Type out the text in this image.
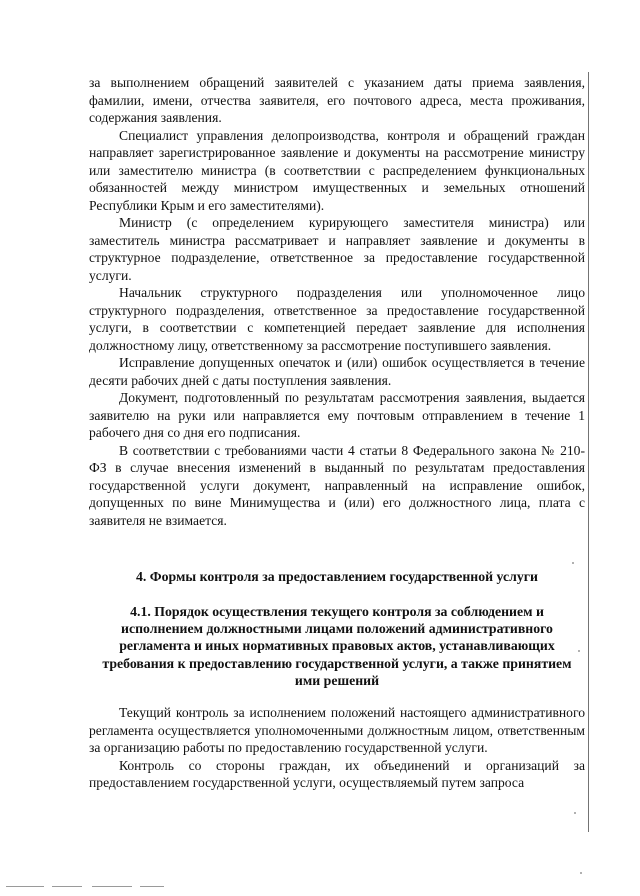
за выполнением обращений заявителей с указанием даты приема заявления, фамилии, имени, отчества заявителя, его почтового адреса, места проживания, содержания заявления.

Специалист управления делопроизводства, контроля и обращений граждан направляет зарегистрированное заявление и документы на рассмотрение министру или заместителю министра (в соответствии с распределением функциональных обязанностей между министром имущественных и земельных отношений Республики Крым и его заместителями).

Министр (с определением курирующего заместителя министра) или заместитель министра рассматривает и направляет заявление и документы в структурное подразделение, ответственное за предоставление государственной услуги.

Начальник структурного подразделения или уполномоченное лицо структурного подразделения, ответственное за предоставление государственной услуги, в соответствии с компетенцией передает заявление для исполнения должностному лицу, ответственному за рассмотрение поступившего заявления.

Исправление допущенных опечаток и (или) ошибок осуществляется в течение десяти рабочих дней с даты поступления заявления.

Документ, подготовленный по результатам рассмотрения заявления, выдается заявителю на руки или направляется ему почтовым отправлением в течение 1 рабочего дня со дня его подписания.

В соответствии с требованиями части 4 статьи 8 Федерального закона № 210-ФЗ в случае внесения изменений в выданный по результатам предоставления государственной услуги документ, направленный на исправление ошибок, допущенных по вине Минимущества и (или) его должностного лица, плата с заявителя не взимается.

4. Формы контроля за предоставлением государственной услуги
4.1. Порядок осуществления текущего контроля за соблюдением и исполнением должностными лицами положений административного регламента и иных нормативных правовых актов, устанавливающих требования к предоставлению государственной услуги, а также принятием ими решений

Текущий контроль за исполнением положений настоящего административного регламента осуществляется уполномоченными должностным лицом, ответственным за организацию работы по предоставлению государственной услуги.

Контроль со стороны граждан, их объединений и организаций за предоставлением государственной услуги, осуществляемый путем запроса
